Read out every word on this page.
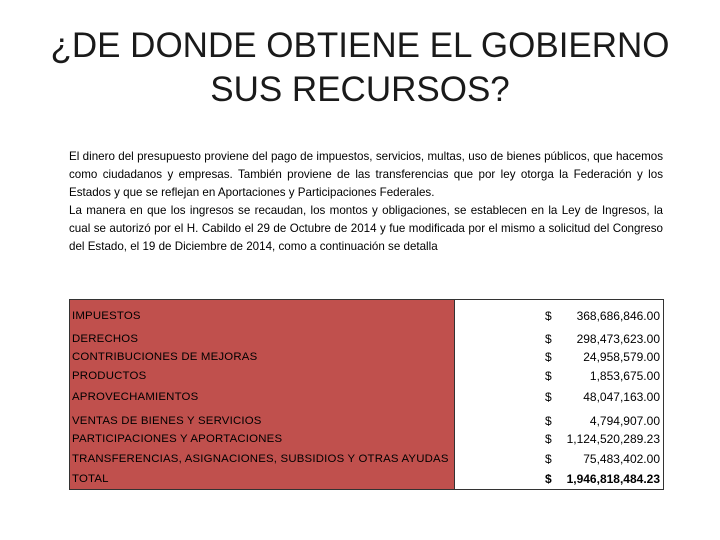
¿DE DONDE OBTIENE EL GOBIERNO
SUS RECURSOS?

El dinero del presupuesto proviene del pago de impuestos, servicios, multas, uso de bienes públicos, que hacemos como ciudadanos y empresas. También proviene de las transferencias que por ley otorga la Federación y los Estados y que se reflejan en Aportaciones y Participaciones Federales.

La manera en que los ingresos se recaudan, los montos y obligaciones, se establecen en la Ley de Ingresos, la cual se autorizó por el H. Cabildo el 29 de Octubre de 2014 y fue modificada por el mismo a solicitud del Congreso del Estado, el 19 de Diciembre de 2014, como a continuación se detalla

IMPUESTOS	$ 368,686,846.00
DERECHOS	$ 298,473,623.00
CONTRIBUCIONES DE MEJORAS	$	24,958,579.00
PRODUCTOS	$	1,853,675.00
APROVECHAMIENTOS	$	48,047,163.00
VENTAS DE BIENES Y SERVICIOS	$	4,794,907.00
PARTICIPACIONES Y APORTACIONES	$ 1,124,520,289.23
TRANSFERENCIAS, ASIGNACIONES, SUBSIDIOS Y OTRAS AYUDAS	$	75,483,402.00
TOTAL	$ 1,946,818,484.23
